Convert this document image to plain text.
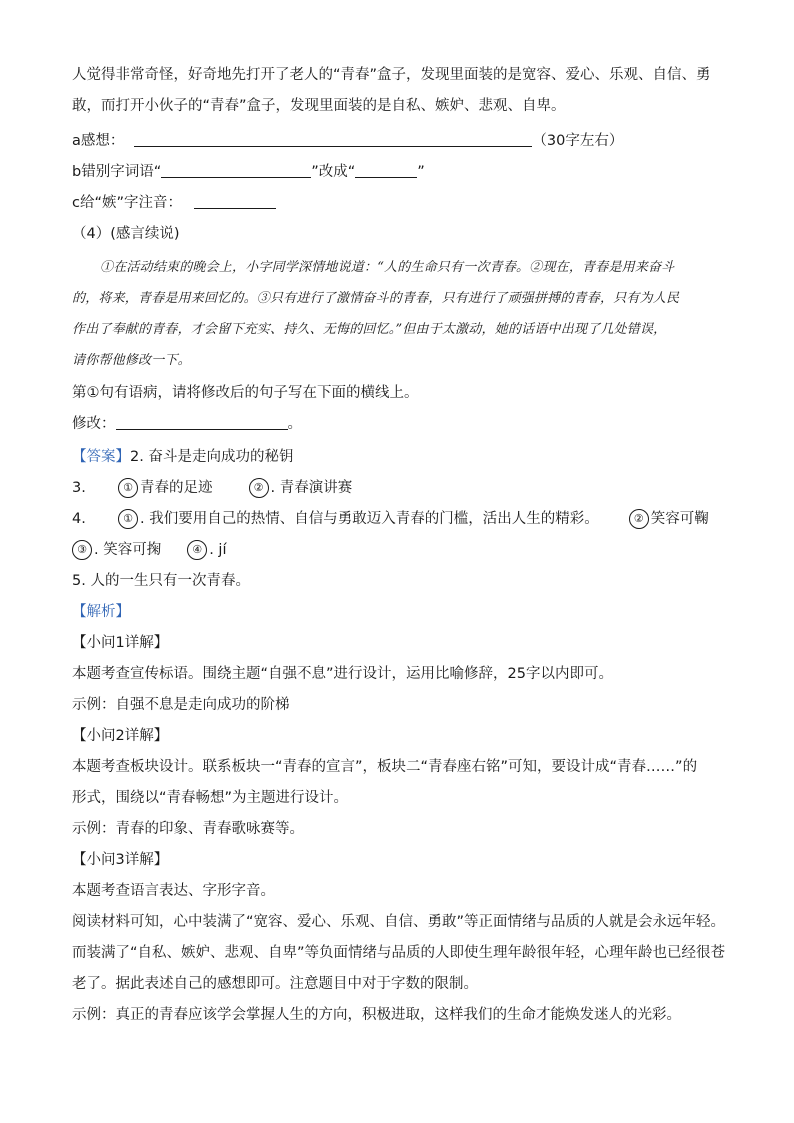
人觉得非常奇怪，好奇地先打开了老人的“青春”盒子，发现里面装的是宽容、爱心、乐观、自信、勇
敢，而打开小伙子的“青春”盒子，发现里面装的是自私、嫉妒、悲观、自卑。
a感想：	（30字左右）
b错别字词语“	”改成“	”
c给“嫉”字注音：
（4）(感言续说)
①在活动结束的晚会上，小字同学深情地说道：“人的生命只有一次青春。②现在，青春是用来奋斗
的，将来，青春是用来回忆的。③只有进行了激情奋斗的青春，只有进行了顽强拼搏的青春，只有为人民
作出了奉献的青春，才会留下充实、持久、无悔的回忆。”但由于太激动，她的话语中出现了几处错误，
请你帮他修改一下。
第①句有语病，请将修改后的句子写在下面的横线上。
修改：	。
【答案】2. 奋斗是走向成功的秘钥
3.	① 青春的足迹	② . 青春演讲赛
4.	① . 我们要用自己的热情、自信与勇敢迈入青春的门槛，活出人生的精彩。	② 笑容可鞠
③ . 笑容可掬	④ . jí
5. 人的一生只有一次青春。
【解析】
【小问1详解】
本题考查宣传标语。围绕主题“自强不息”进行设计，运用比喻修辞，25字以内即可。
示例：自强不息是走向成功的阶梯
【小问2详解】
本题考查板块设计。联系板块一“青春的宣言”，板块二“青春座右铭”可知，要设计成“青春……”的
形式，围绕以“青春畅想”为主题进行设计。
示例：青春的印象、青春歌咏赛等。
【小问3详解】
本题考查语言表达、字形字音。
阅读材料可知，心中装满了“宽容、爱心、乐观、自信、勇敢”等正面情绪与品质的人就是会永远年轻。
而装满了“自私、嫉妒、悲观、自卑”等负面情绪与品质的人即使生理年龄很年轻，心理年龄也已经很苍
老了。据此表述自己的感想即可。注意题目中对于字数的限制。
示例：真正的青春应该学会掌握人生的方向，积极进取，这样我们的生命才能焕发迷人的光彩。
